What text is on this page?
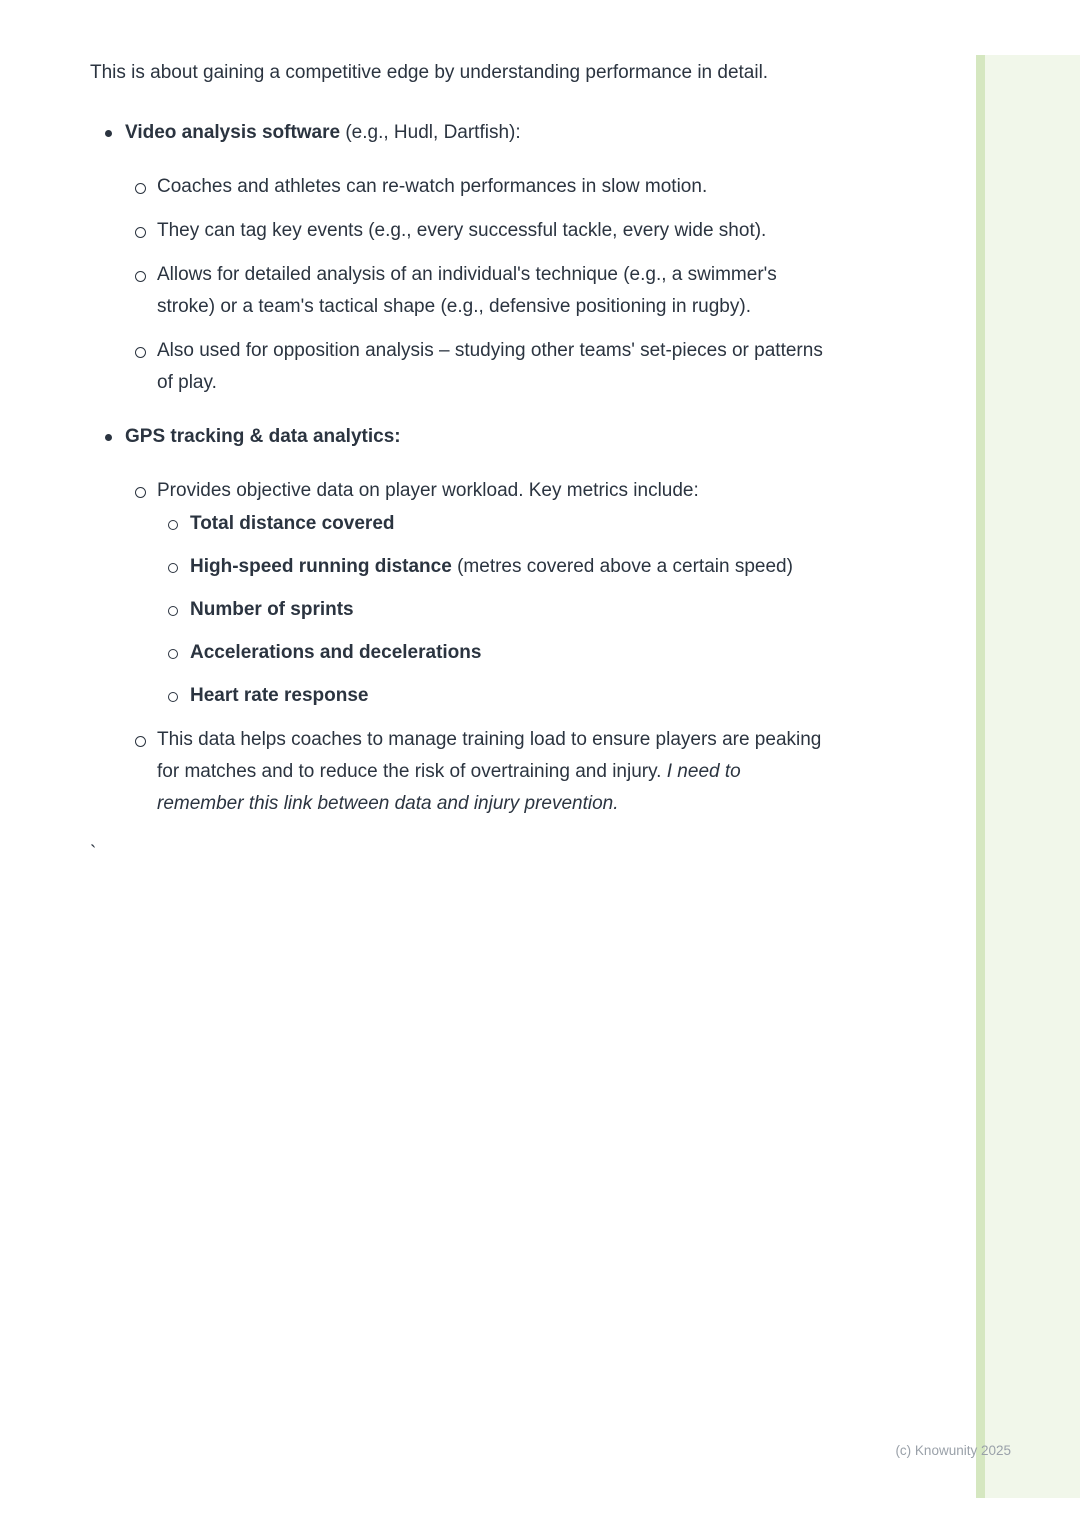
This is about gaining a competitive edge by understanding performance in detail.

Video analysis software (e.g., Hudl, Dartfish):
Coaches and athletes can re-watch performances in slow motion.
They can tag key events (e.g., every successful tackle, every wide shot).
Allows for detailed analysis of an individual's technique (e.g., a swimmer's stroke) or a team's tactical shape (e.g., defensive positioning in rugby).
Also used for opposition analysis – studying other teams' set-pieces or patterns of play.
GPS tracking & data analytics:
Provides objective data on player workload. Key metrics include:
Total distance covered
High-speed running distance (metres covered above a certain speed)
Number of sprints
Accelerations and decelerations
Heart rate response
This data helps coaches to manage training load to ensure players are peaking for matches and to reduce the risk of overtraining and injury. I need to remember this link between data and injury prevention.
`
(c) Knowunity 2025
